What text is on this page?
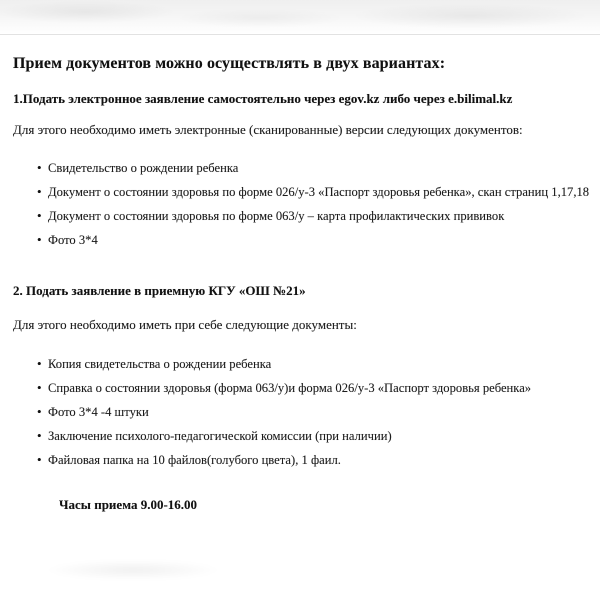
Прием документов можно осуществлять в двух вариантах:
1.Подать электронное заявление самостоятельно через egov.kz либо через e.bilimal.kz

Для этого необходимо иметь электронные (сканированные) версии следующих документов:

• Свидетельство о рождении ребенка
• Документ о состоянии здоровья по форме 026/у-3 «Паспорт здоровья ребенка», скан страниц 1,17,18
• Документ о состоянии здоровья по форме 063/у – карта профилактических прививок
• Фото 3*4
2. Подать заявление в приемную КГУ «ОШ №21»

Для этого необходимо иметь при себе следующие документы:

• Копия свидетельства о рождении ребенка
• Справка о состоянии здоровья (форма 063/у)и форма 026/у-3 «Паспорт здоровья ребенка»
• Фото 3*4 -4 штуки
• Заключение психолого-педагогической комиссии (при наличии)
• Файловая папка на 10 файлов(голубого цвета), 1 фаил.

Часы приема 9.00-16.00
